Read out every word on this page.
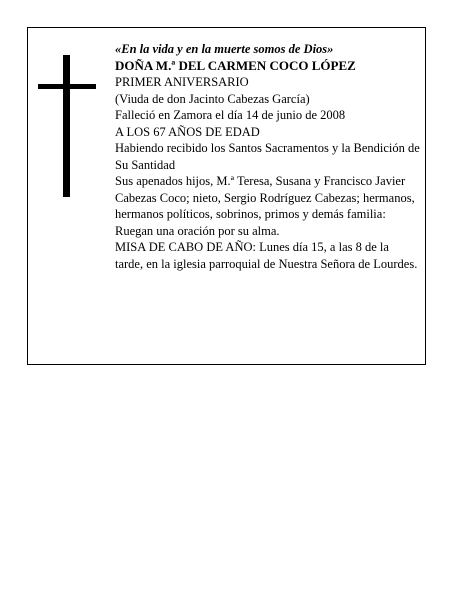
«En la vida y en la muerte somos de Dios»

DOÑA M.ª DEL CARMEN COCO LÓPEZ

PRIMER ANIVERSARIO

(Viuda de don Jacinto Cabezas García)

Falleció en Zamora el día 14 de junio de 2008

A LOS 67 AÑOS DE EDAD

Habiendo recibido los Santos Sacramentos y la Bendición de Su Santidad

Sus apenados hijos, M.ª Teresa, Susana y Francisco Javier Cabezas Coco; nieto, Sergio Rodríguez Cabezas; hermanos, hermanos políticos, sobrinos, primos y demás familia:

Ruegan una oración por su alma.

MISA DE CABO DE AÑO: Lunes día 15, a las 8 de la tarde, en la iglesia parroquial de Nuestra Señora de Lourdes.
